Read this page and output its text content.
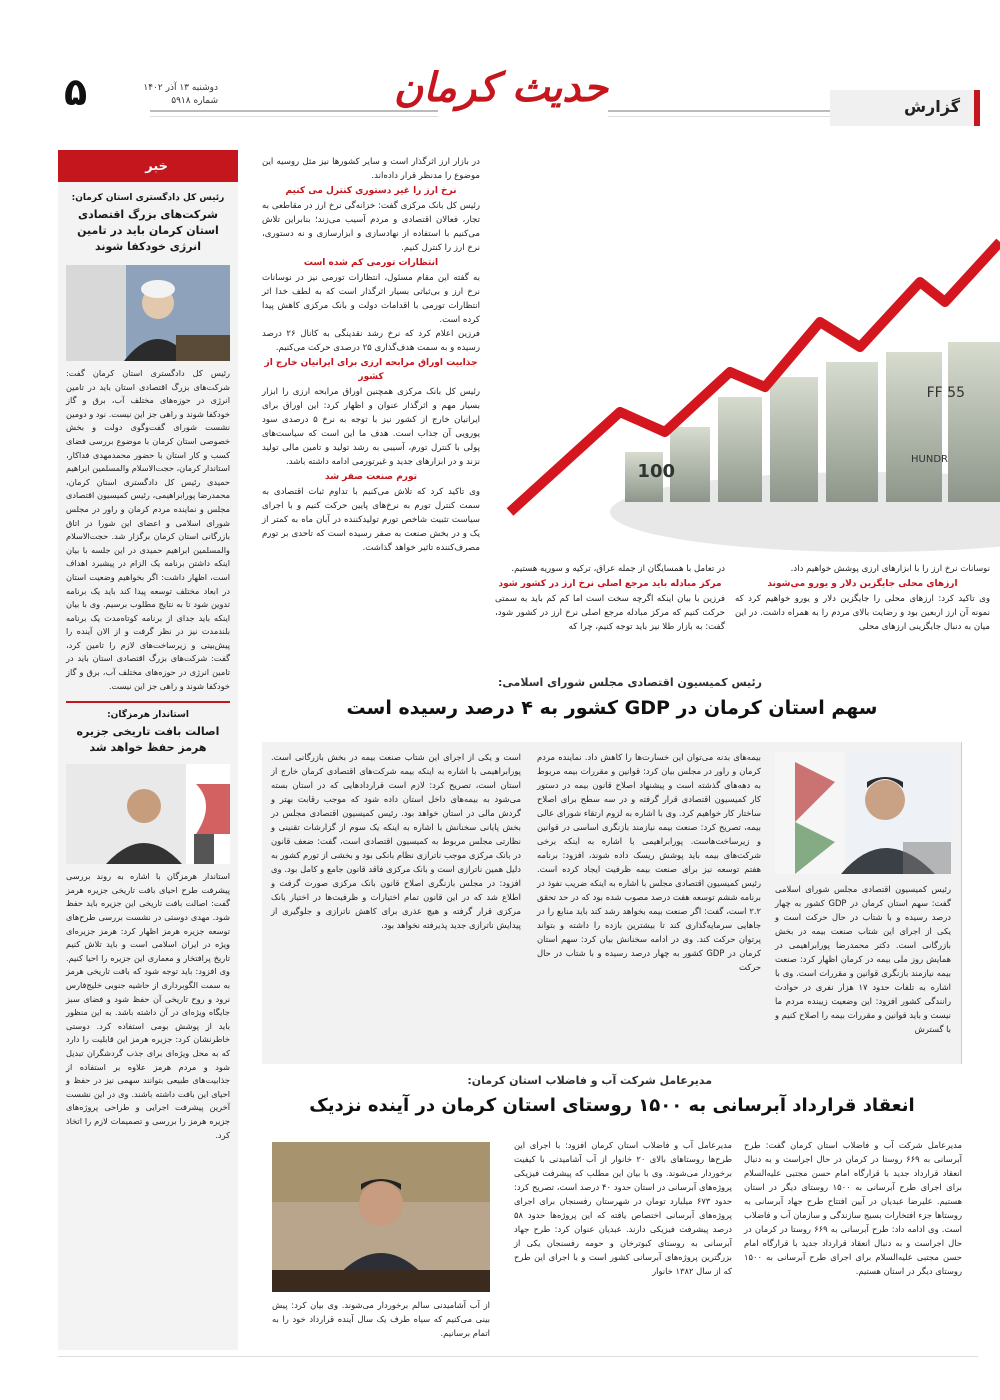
گزارش
حدیث کرمان
دوشنبه ۱۳ آذر ۱۴۰۲
شماره ۵۹۱۸
۵
خبر
رئیس کل دادگستری استان کرمان:
شرکت‌های بزرگ اقتصادی استان کرمان باید در تامین انرژی خودکفا شوند

رئیس کل دادگستری استان کرمان گفت: شرکت‌های بزرگ اقتصادی استان باید در تامین انرژی در حوزه‌های مختلف آب، برق و گاز خودکفا شوند و راهی جز این نیست. نود و دومین نشست شورای گفت‌وگوی دولت و بخش خصوصی استان کرمان با موضوع بررسی فضای کسب و کار استان با حضور محمدمهدی فداکار، استاندار کرمان، حجت‌الاسلام والمسلمین ابراهیم حمیدی رئیس کل دادگستری استان کرمان، محمدرضا پورابراهیمی، رئیس کمیسیون اقتصادی مجلس و نماینده مردم کرمان و راور در مجلس شورای اسلامی و اعضای این شورا در اتاق بازرگانی استان کرمان برگزار شد. حجت‌الاسلام والمسلمین ابراهیم حمیدی در این جلسه با بیان اینکه داشتن برنامه یک الزام در پیشبرد اهداف است، اظهار داشت: اگر بخواهیم وضعیت استان در ابعاد مختلف توسعه پیدا کند باید یک برنامه تدوین شود تا به نتایج مطلوب برسیم. وی با بیان اینکه باید جدای از برنامه کوتاه‌مدت یک برنامه بلندمدت نیز در نظر گرفت و از الان آینده را پیش‌بینی و زیرساخت‌های لازم را تامین کرد، گفت: شرکت‌های بزرگ اقتصادی استان باید در تامین انرژی در حوزه‌های مختلف آب، برق و گاز خودکفا شوند و راهی جز این نیست.

استاندار هرمزگان:
اصالت بافت تاریخی جزیره هرمز حفظ خواهد شد

استاندار هرمزگان با اشاره به روند بررسی پیشرفت طرح احیای بافت تاریخی جزیره هرمز گفت: اصالت بافت تاریخی این جزیره باید حفظ شود. مهدی دوستی در نشست بررسی طرح‌های توسعه جزیره هرمز اظهار کرد: هرمز جزیره‌ای ویژه در ایران اسلامی است و باید تلاش کنیم تاریخ پرافتخار و معماری این جزیره را احیا کنیم. وی افزود: باید توجه شود که بافت تاریخی هرمز به سمت الگوبرداری از حاشیه جنوبی خلیج‌فارس نرود و روح تاریخی آن حفظ شود و فضای سبز جایگاه ویژه‌ای در آن داشته باشد. به این منظور باید از پوشش بومی استفاده کرد. دوستی خاطرنشان کرد: جزیره هرمز این قابلیت را دارد که به محل ویژه‌ای برای جذب گردشگران تبدیل شود و مردم هرمز علاوه بر استفاده از جذابیت‌های طبیعی بتوانند سهمی نیز در حفظ و احیای این بافت داشته باشند. وی در این نشست آخرین پیشرفت اجرایی و طراحی پروژه‌های جزیره هرمز را بررسی و تصمیمات لازم را اتخاذ کرد.

FF 55
100
HUNDR

نوسانات نرخ ارز را با ابزارهای ارزی پوشش خواهیم داد.

ارزهای محلی جایگزین دلار و یورو می‌شوند

وی تاکید کرد: ارزهای محلی را جایگزین دلار و یورو خواهیم کرد که نمونه آن ارز اربعین بود و رضایت بالای مردم را به همراه داشت. در این میان به دنبال جایگزینی ارزهای محلی

در تعامل با همسایگان از جمله عراق، ترکیه و سوریه هستیم.

مرکز مبادله باید مرجع اصلی نرخ ارز در کشور شود

فرزین با بیان اینکه اگرچه سخت است اما کم کم باید به سمتی حرکت کنیم که مرکز مبادله مرجع اصلی نرخ ارز در کشور شود، گفت: به بازار طلا نیز باید توجه کنیم، چرا که

در بازار ارز اثرگذار است و سایر کشورها نیز مثل روسیه این موضوع را مدنظر قرار داده‌اند.

نرخ ارز را غیر دستوری کنترل می کنیم

رئیس کل بانک مرکزی گفت: خزانه‌گی نرخ ارز در مقاطعی به تجار، فعالان اقتصادی و مردم آسیب می‌زند؛ بنابراین تلاش می‌کنیم با استفاده از نهادسازی و ابزارسازی و نه دستوری، نرخ ارز را کنترل کنیم.

انتظارات تورمی کم شده است

به گفته این مقام مسئول، انتظارات تورمی نیز در نوسانات نرخ ارز و بی‌ثباتی بسیار اثرگذار است که به لطف خدا اثر انتظارات تورمی با اقدامات دولت و بانک مرکزی کاهش پیدا کرده است.

فرزین اعلام کرد که نرخ رشد نقدینگی به کانال ۲۶ درصد رسیده و به سمت هدف‌گذاری ۲۵ درصدی حرکت می‌کنیم.

جذابیت اوراق مرابحه ارزی برای ایرانیان خارج از کشور

رئیس کل بانک مرکزی همچنین اوراق مرابحه ارزی را ابزار بسیار مهم و اثرگذار عنوان و اظهار کرد: این اوراق برای ایرانیان خارج از کشور نیز با توجه به نرخ ۵ درصدی سود یورویی آن جذاب است. هدف ما این است که سیاست‌های پولی با کنترل تورم، آسیبی به رشد تولید و تامین مالی تولید نزند و در ابزارهای جدید و غیرتورمی ادامه داشته باشد.

تورم صنعت صفر شد

وی تاکید کرد که تلاش می‌کنیم با تداوم ثبات اقتصادی به سمت کنترل تورم به نرخ‌های پایین حرکت کنیم و با اجرای سیاست تثبیت شاخص تورم تولیدکننده در آبان ماه به کمتر از یک و در بخش صنعت به صفر رسیده است که تاحدی بر تورم مصرف‌کننده تاثیر خواهد گذاشت.

رئیس کمیسیون اقتصادی مجلس شورای اسلامی:
سهم استان کرمان در GDP کشور به ۴ درصد رسیده است

رئیس کمیسیون اقتصادی مجلس شورای اسلامی گفت: سهم استان کرمان در GDP کشور به چهار درصد رسیده و با شتاب در حال حرکت است و یکی از اجرای این شتاب صنعت بیمه در بخش بازرگانی است. دکتر محمدرضا پورابراهیمی در همایش روز ملی بیمه در کرمان اظهار کرد: صنعت بیمه نیازمند بازنگری قوانین و مقررات است. وی با اشاره به تلفات حدود ۱۷ هزار نفری در حوادث رانندگی کشور افزود: این وضعیت زیبنده مردم ما نیست و باید قوانین و مقررات بیمه را اصلاح کنیم و با گسترش

بیمه‌های بدنه می‌توان این خسارت‌ها را کاهش داد. نماینده مردم کرمان و راور در مجلس بیان کرد: قوانین و مقررات بیمه مربوط به دهه‌های گذشته است و پیشنهاد اصلاح قانون بیمه در دستور کار کمیسیون اقتصادی قرار گرفته و در سه سطح برای اصلاح ساختار کار خواهیم کرد. وی با اشاره به لزوم ارتقاء شورای عالی بیمه، تصریح کرد: صنعت بیمه نیازمند بازنگری اساسی در قوانین و زیرساخت‌هاست. پورابراهیمی با اشاره به اینکه برخی شرکت‌های بیمه باید پوشش ریسک داده شوند، افزود: برنامه هفتم توسعه نیز برای صنعت بیمه ظرفیت ایجاد کرده است. رئیس کمیسیون اقتصادی مجلس با اشاره به اینکه ضریب نفوذ در برنامه ششم توسعه هفت درصد مصوب شده بود که در حد تحقق ۲.۲ است، گفت: اگر صنعت بیمه بخواهد رشد کند باید منابع را در جاهایی سرمایه‌گذاری کند تا بیشترین بازده را داشته و بتواند پرتوان حرکت کند. وی در ادامه سخنانش بیان کرد: سهم استان کرمان در GDP کشور به چهار درصد رسیده و با شتاب در حال حرکت

است و یکی از اجرای این شتاب صنعت بیمه در بخش بازرگانی است. پورابراهیمی با اشاره به اینکه بیمه شرکت‌های اقتصادی کرمان خارج از استان است، تصریح کرد: لازم است قراردادهایی که در استان بسته می‌شود به بیمه‌های داخل استان داده شود که موجب رقابت بهتر و گردش مالی در استان خواهد بود. رئیس کمیسیون اقتصادی مجلس در بخش پایانی سخنانش با اشاره به اینکه یک سوم از گزارشات تقنینی و نظارتی مجلس مربوط به کمیسیون اقتصادی است، گفت: ضعف قانون در بانک مرکزی موجب ناترازی نظام بانکی بود و بخشی از تورم کشور به دلیل همین ناترازی است و بانک مرکزی فاقد قانون جامع و کامل بود. وی افزود: در مجلس بازنگری اصلاح قانون بانک مرکزی صورت گرفت و اطلاع شد که در این قانون تمام اختیارات و ظرفیت‌ها در اختیار بانک مرکزی قرار گرفته و هیچ عذری برای کاهش ناترازی و جلوگیری از پیدایش ناترازی جدید پذیرفته نخواهد بود.

مدیرعامل شرکت آب و فاضلاب استان کرمان:
انعقاد قرارداد آبرسانی به ۱۵۰۰ روستای استان کرمان در آینده نزدیک

مدیرعامل شرکت آب و فاضلاب استان کرمان گفت: طرح آبرسانی به ۶۶۹ روستا در کرمان در حال اجراست و به دنبال انعقاد قرارداد جدید با قرارگاه امام حسن مجتبی علیه‌السلام برای اجرای طرح آبرسانی به ۱۵۰۰ روستای دیگر در استان هستیم. علیرضا عبدیان در آیین افتتاح طرح جهاد آبرسانی به روستاها جزء افتخارات بسیج سازندگی و سازمان آب و فاضلاب است. وی ادامه داد: طرح آبرسانی به ۶۶۹ روستا در کرمان در حال اجراست و به دنبال انعقاد قرارداد جدید با قرارگاه امام حسن مجتبی علیه‌السلام برای اجرای طرح آبرسانی به ۱۵۰۰ روستای دیگر در استان هستیم.

مدیرعامل آب و فاضلاب استان کرمان افزود: با اجرای این طرح‌ها روستاهای بالای ۲۰ خانوار از آب آشامیدنی با کیفیت برخوردار می‌شوند. وی با بیان این مطلب که پیشرفت فیزیکی پروژه‌های آبرسانی در استان حدود ۴۰ درصد است، تصریح کرد: حدود ۶۷۳ میلیارد تومان در شهرستان رفسنجان برای اجرای پروژه‌های آبرسانی اختصاص یافته که این پروژه‌ها حدود ۵۸ درصد پیشرفت فیزیکی دارند. عبدیان عنوان کرد: طرح جهاد آبرسانی به روستای کبوترخان و حومه رفسنجان یکی از بزرگترین پروژه‌های آبرسانی کشور است و با اجرای این طرح که از سال ۱۳۸۲ خانوار

از آب آشامیدنی سالم برخوردار می‌شوند. وی بیان کرد: پیش بینی می‌کنیم که سیاه طرف یک سال آینده قرارداد خود را به اتمام برسانیم.
